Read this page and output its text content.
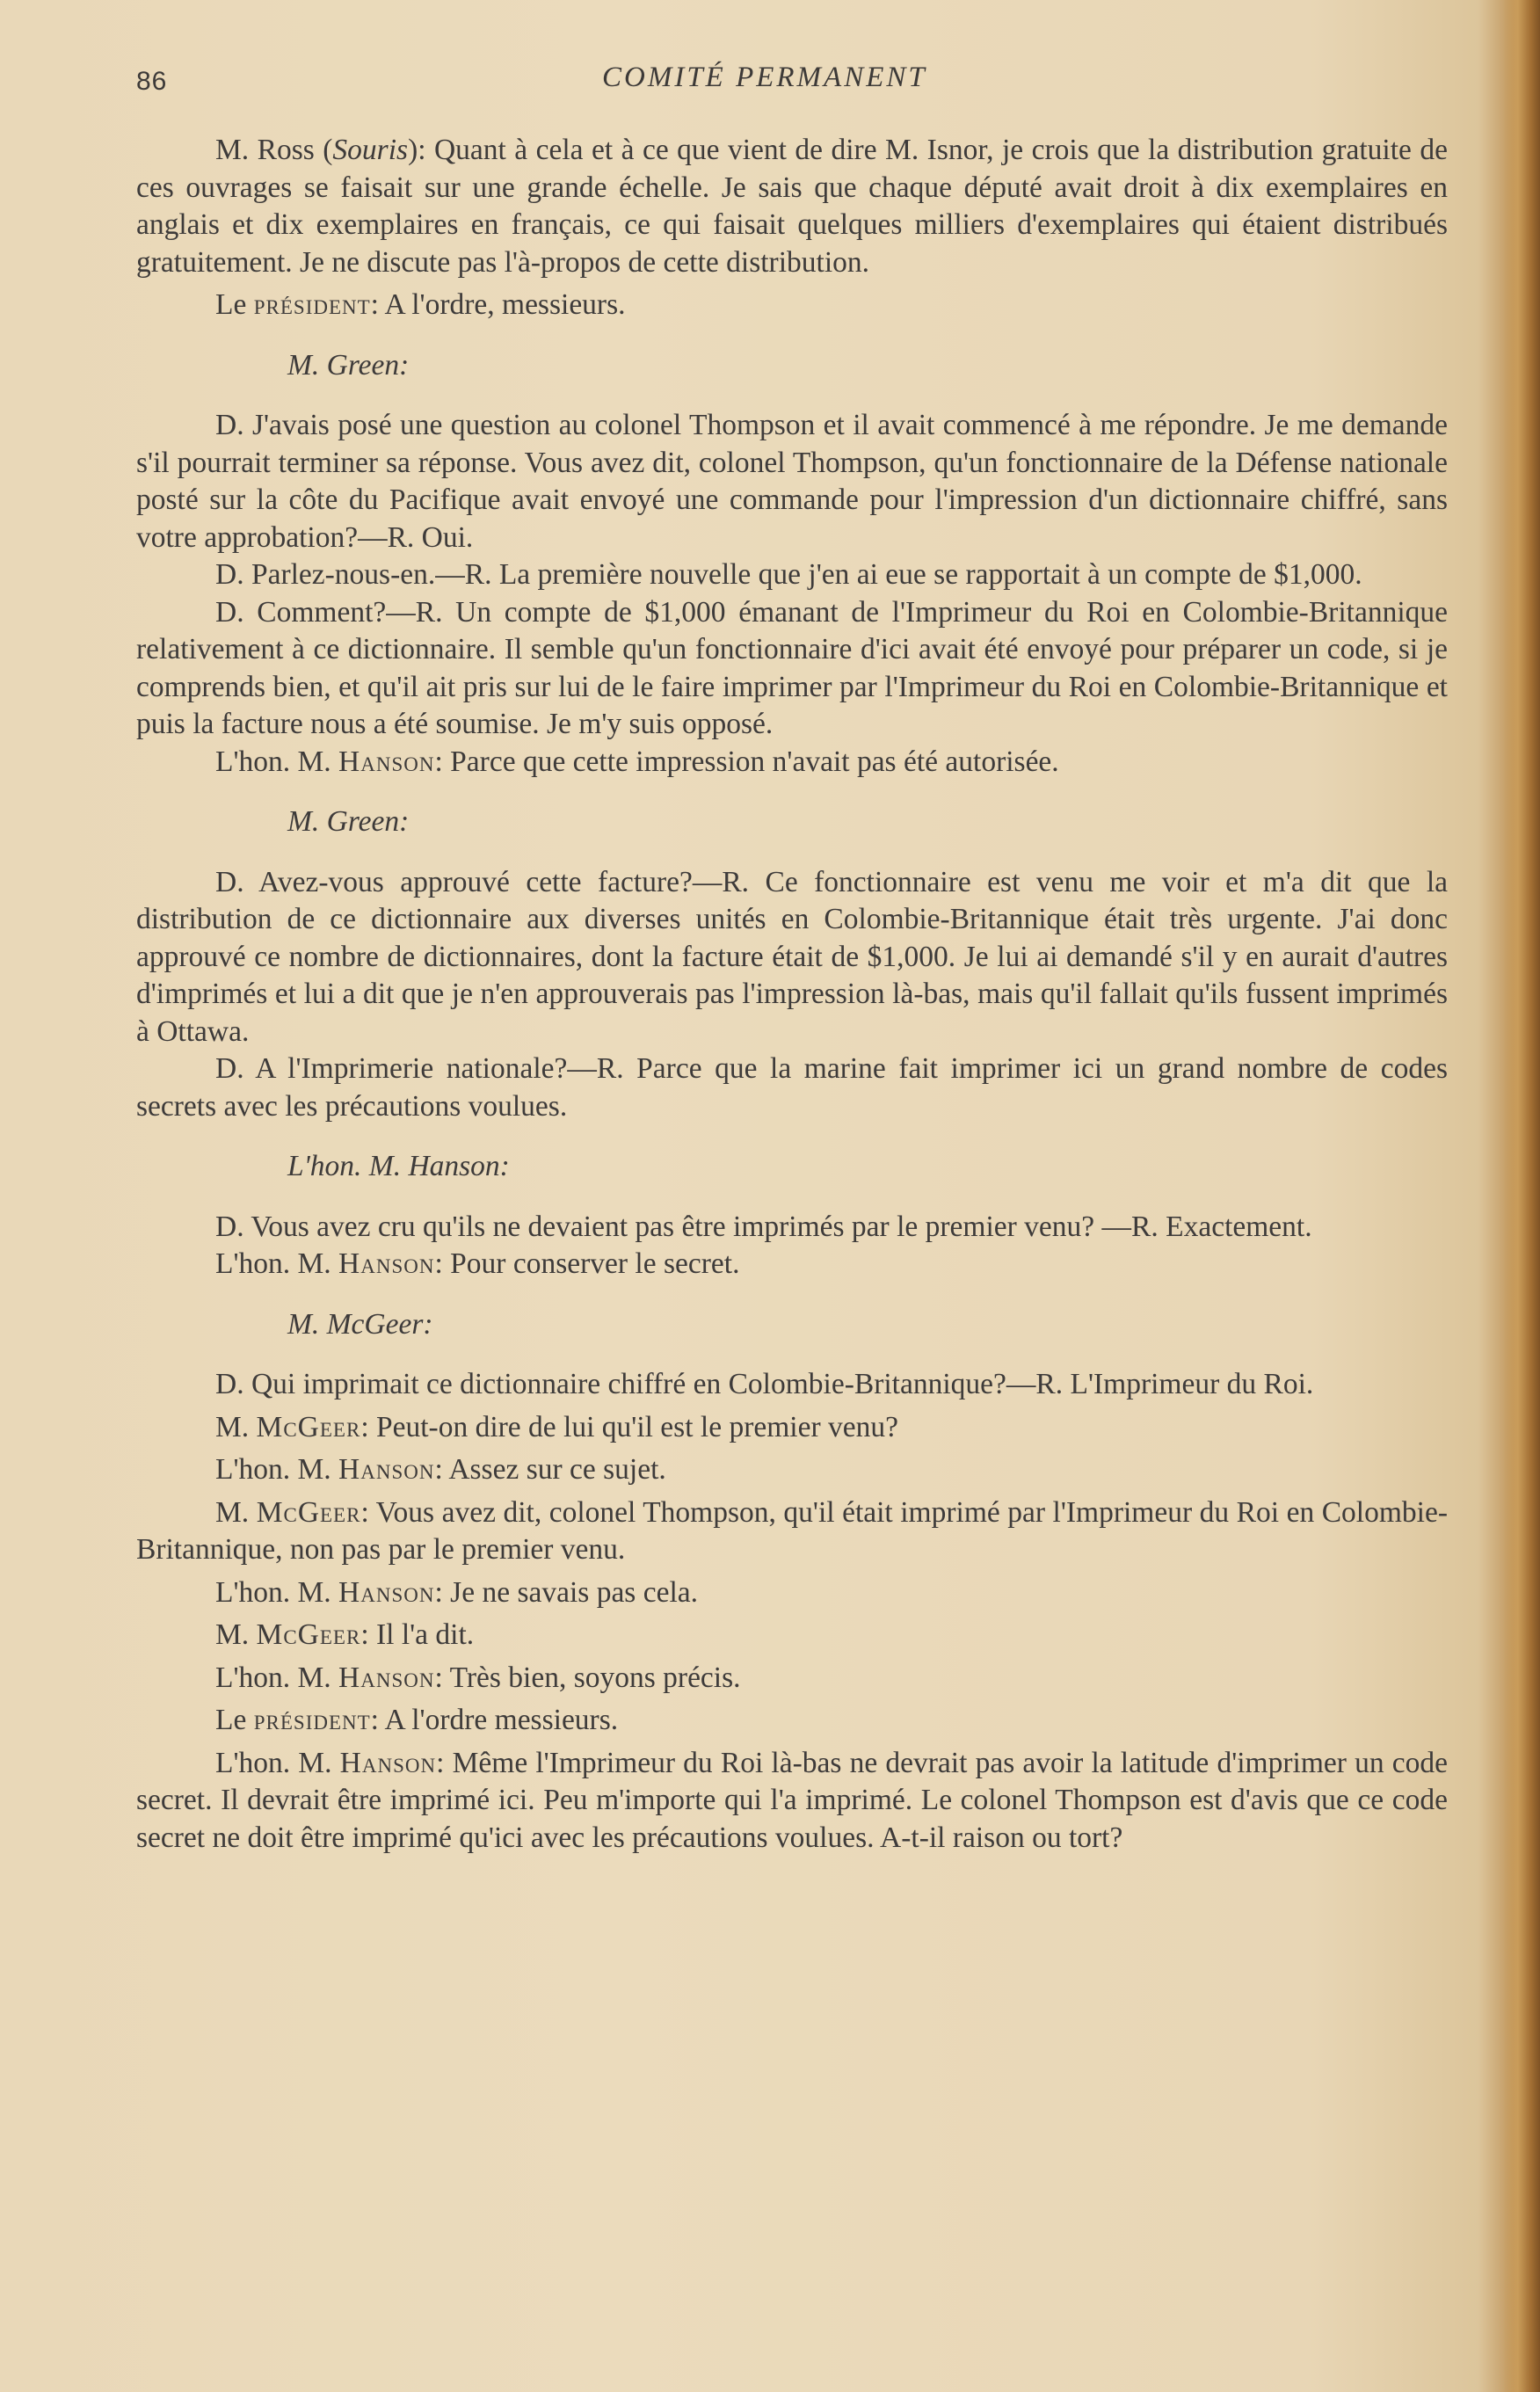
86	COMITÉ PERMANENT

M. Ross (Souris): Quant à cela et à ce que vient de dire M. Isnor, je crois que la distribution gratuite de ces ouvrages se faisait sur une grande échelle. Je sais que chaque député avait droit à dix exemplaires en anglais et dix exemplaires en français, ce qui faisait quelques milliers d'exemplaires qui étaient distribués gratuitement. Je ne discute pas l'à-propos de cette distribution.

Le président: A l'ordre, messieurs.

M. Green:

D. J'avais posé une question au colonel Thompson et il avait commencé à me répondre. Je me demande s'il pourrait terminer sa réponse. Vous avez dit, colonel Thompson, qu'un fonctionnaire de la Défense nationale posté sur la côte du Pacifique avait envoyé une commande pour l'impression d'un dictionnaire chiffré, sans votre approbation?—R. Oui.

D. Parlez-nous-en.—R. La première nouvelle que j'en ai eue se rapportait à un compte de $1,000.

D. Comment?—R. Un compte de $1,000 émanant de l'Imprimeur du Roi en Colombie-Britannique relativement à ce dictionnaire. Il semble qu'un fonctionnaire d'ici avait été envoyé pour préparer un code, si je comprends bien, et qu'il ait pris sur lui de le faire imprimer par l'Imprimeur du Roi en Colombie-Britannique et puis la facture nous a été soumise. Je m'y suis opposé.

L'hon. M. Hanson: Parce que cette impression n'avait pas été autorisée.

M. Green:

D. Avez-vous approuvé cette facture?—R. Ce fonctionnaire est venu me voir et m'a dit que la distribution de ce dictionnaire aux diverses unités en Colombie-Britannique était très urgente. J'ai donc approuvé ce nombre de dictionnaires, dont la facture était de $1,000. Je lui ai demandé s'il y en aurait d'autres d'imprimés et lui a dit que je n'en approuverais pas l'impression là-bas, mais qu'il fallait qu'ils fussent imprimés à Ottawa.

D. A l'Imprimerie nationale?—R. Parce que la marine fait imprimer ici un grand nombre de codes secrets avec les précautions voulues.

L'hon. M. Hanson:

D. Vous avez cru qu'ils ne devaient pas être imprimés par le premier venu? —R. Exactement.

L'hon. M. Hanson: Pour conserver le secret.

M. McGeer:

D. Qui imprimait ce dictionnaire chiffré en Colombie-Britannique?—R. L'Imprimeur du Roi.

M. McGeer: Peut-on dire de lui qu'il est le premier venu?

L'hon. M. Hanson: Assez sur ce sujet.

M. McGeer: Vous avez dit, colonel Thompson, qu'il était imprimé par l'Imprimeur du Roi en Colombie-Britannique, non pas par le premier venu.

L'hon. M. Hanson: Je ne savais pas cela.

M. McGeer: Il l'a dit.

L'hon. M. Hanson: Très bien, soyons précis.

Le président: A l'ordre messieurs.

L'hon. M. Hanson: Même l'Imprimeur du Roi là-bas ne devrait pas avoir la latitude d'imprimer un code secret. Il devrait être imprimé ici. Peu m'importe qui l'a imprimé. Le colonel Thompson est d'avis que ce code secret ne doit être imprimé qu'ici avec les précautions voulues. A-t-il raison ou tort?
